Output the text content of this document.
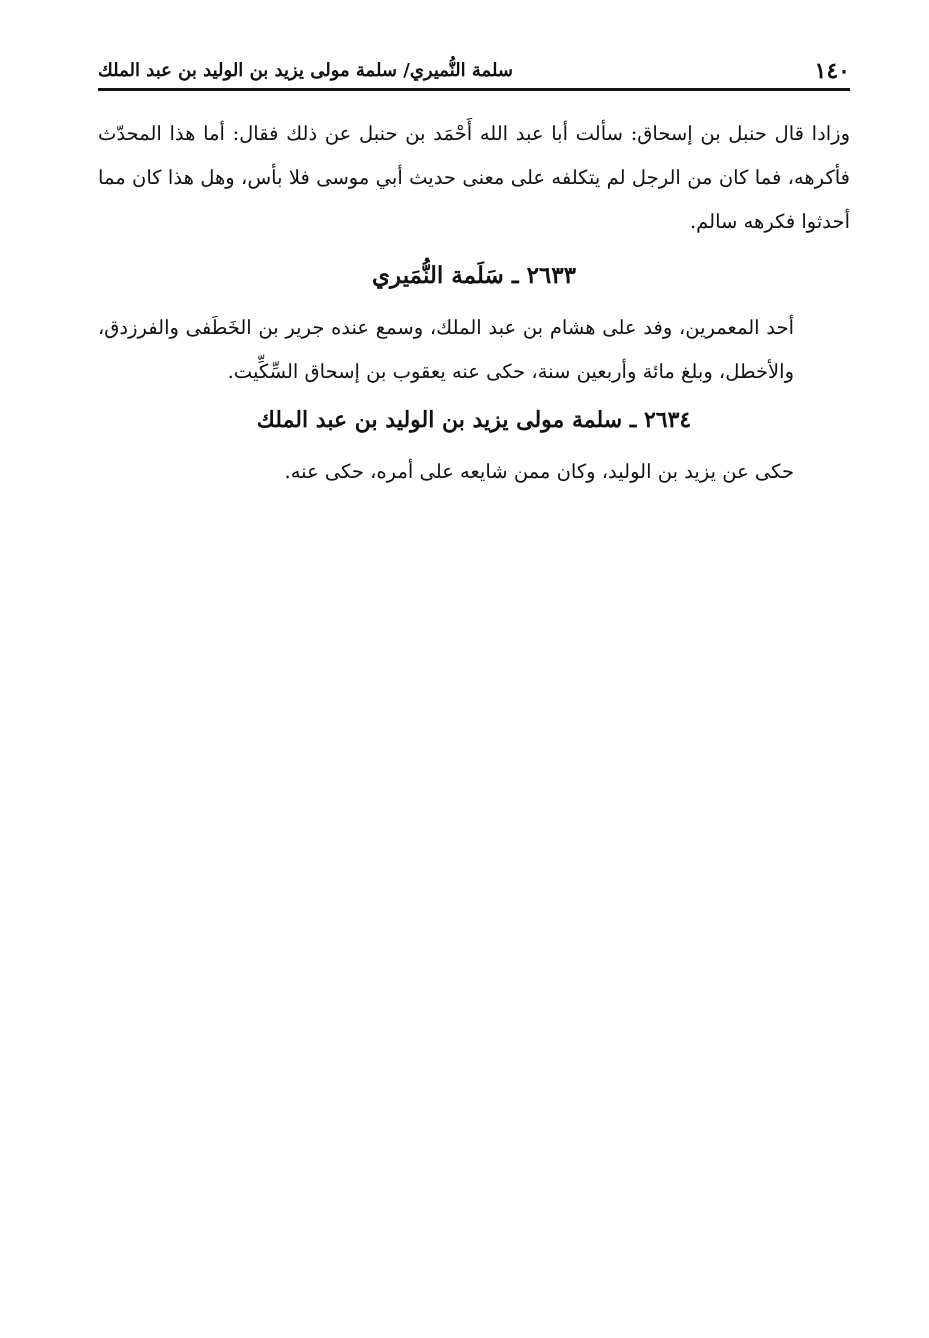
١٤٠
سلمة النُّميري/ سلمة مولى يزيد بن الوليد بن عبد الملك

وزادا قال حنبل بن إسحاق: سألت أبا عبد الله أَحْمَد بن حنبل عن ذلك فقال: أما هذا المحدّث فأكرهه، فما كان من الرجل لم يتكلفه على معنى حديث أبي موسى فلا بأس، وهل هذا كان مما أحدثوا فكرهه سالم.

٢٦٣٣ ـ سَلَمة النُّمَيري

أحد المعمرين، وفد على هشام بن عبد الملك، وسمع عنده جرير بن الخَطَفى والفرزدق، والأخطل، وبلغ مائة وأربعين سنة، حكى عنه يعقوب بن إسحاق السِّكِّيت.

٢٦٣٤ ـ سلمة مولى يزيد بن الوليد بن عبد الملك

حكى عن يزيد بن الوليد، وكان ممن شايعه على أمره، حكى عنه.
